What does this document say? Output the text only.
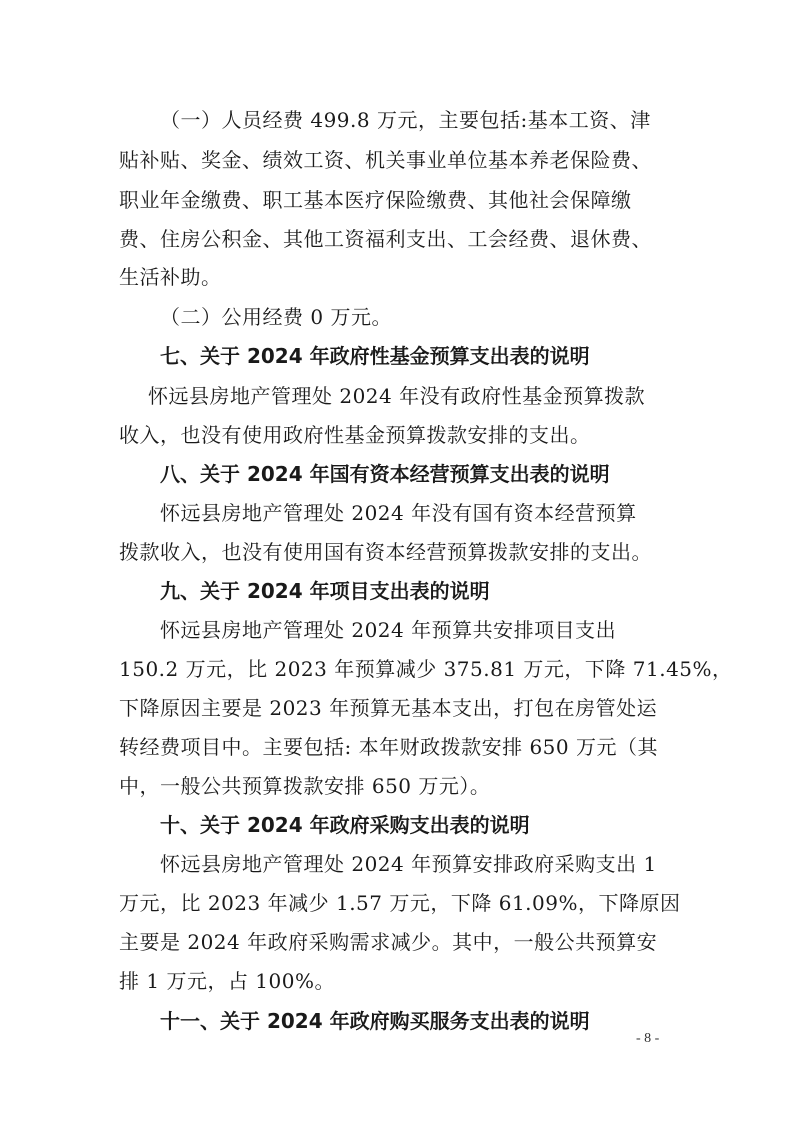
（一）人员经费 499.8 万元，主要包括:基本工资、津
贴补贴、奖金、绩效工资、机关事业单位基本养老保险费、
职业年金缴费、职工基本医疗保险缴费、其他社会保障缴
费、住房公积金、其他工资福利支出、工会经费、退休费、
生活补助。
（二）公用经费 0 万元。
七、关于 2024 年政府性基金预算支出表的说明
怀远县房地产管理处 2024 年没有政府性基金预算拨款
收入，也没有使用政府性基金预算拨款安排的支出。
八、关于 2024 年国有资本经营预算支出表的说明
怀远县房地产管理处 2024 年没有国有资本经营预算
拨款收入，也没有使用国有资本经营预算拨款安排的支出。
九、关于 2024 年项目支出表的说明
怀远县房地产管理处 2024 年预算共安排项目支出
150.2 万元，比 2023 年预算减少 375.81 万元，下降 71.45%，
下降原因主要是 2023 年预算无基本支出，打包在房管处运
转经费项目中。主要包括: 本年财政拨款安排 650 万元（其
中，一般公共预算拨款安排 650 万元）。
十、关于 2024 年政府采购支出表的说明
怀远县房地产管理处 2024 年预算安排政府采购支出 1
万元，比 2023 年减少 1.57 万元，下降 61.09%，下降原因
主要是 2024 年政府采购需求减少。其中，一般公共预算安
排 1 万元，占 100%。
十一、关于 2024 年政府购买服务支出表的说明
- 8 -
